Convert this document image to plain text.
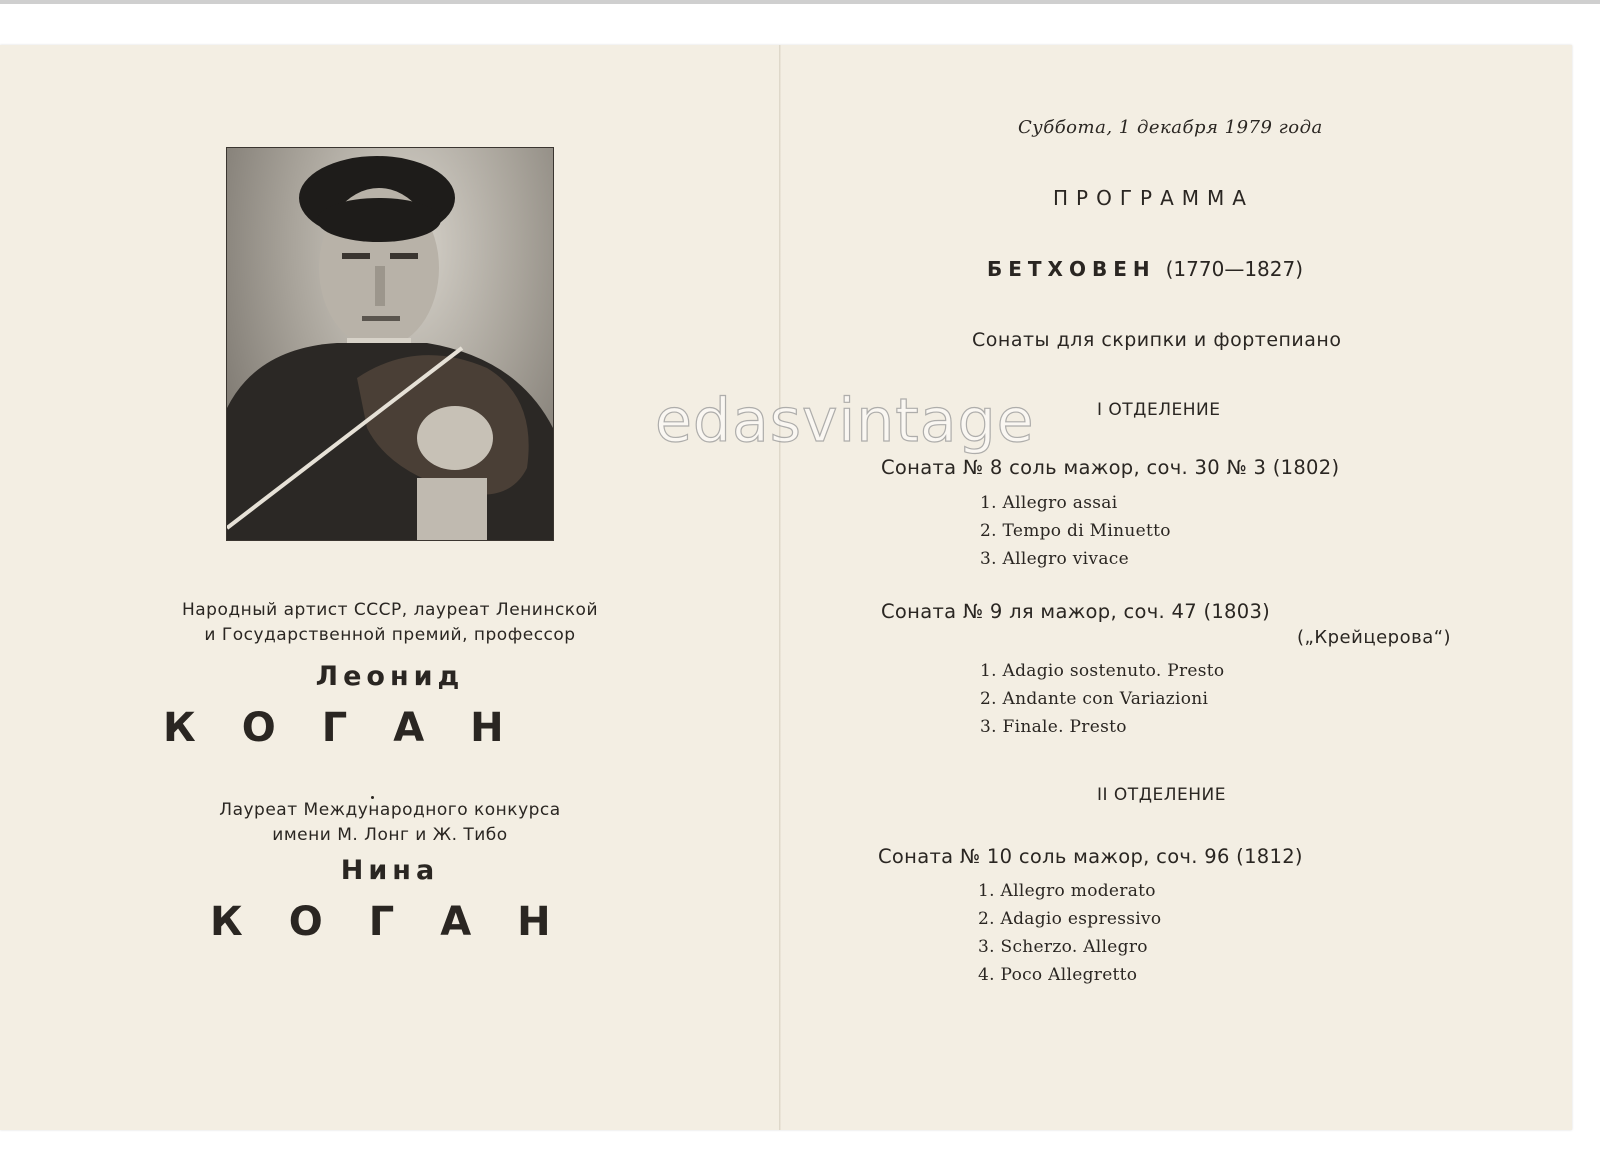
Народный артист СССР, лауреат Ленинской
и Государственной премий, профессор
Леонид
КОГАН
Лауреат Международного конкурса
имени М. Лонг и Ж. Тибо
Нина
КОГАН
Суббота, 1 декабря 1979 года
ПРОГРАММА
БЕТХОВЕН (1770—1827)
Сонаты для скрипки и фортепиано
I ОТДЕЛЕНИЕ
Соната № 8 соль мажор, соч. 30 № 3 (1802)
1. Allegro assai
2. Tempo di Minuetto
3. Allegro vivace
Соната № 9 ля мажор, соч. 47 (1803)
(„Крейцерова“)
1. Adagio sostenuto. Presto
2. Andante con Variazioni
3. Finale. Presto
II ОТДЕЛЕНИЕ
Соната № 10 соль мажор, соч. 96 (1812)
1. Allegro moderato
2. Adagio espressivo
3. Scherzo. Allegro
4. Poco Allegretto
edasvintage
